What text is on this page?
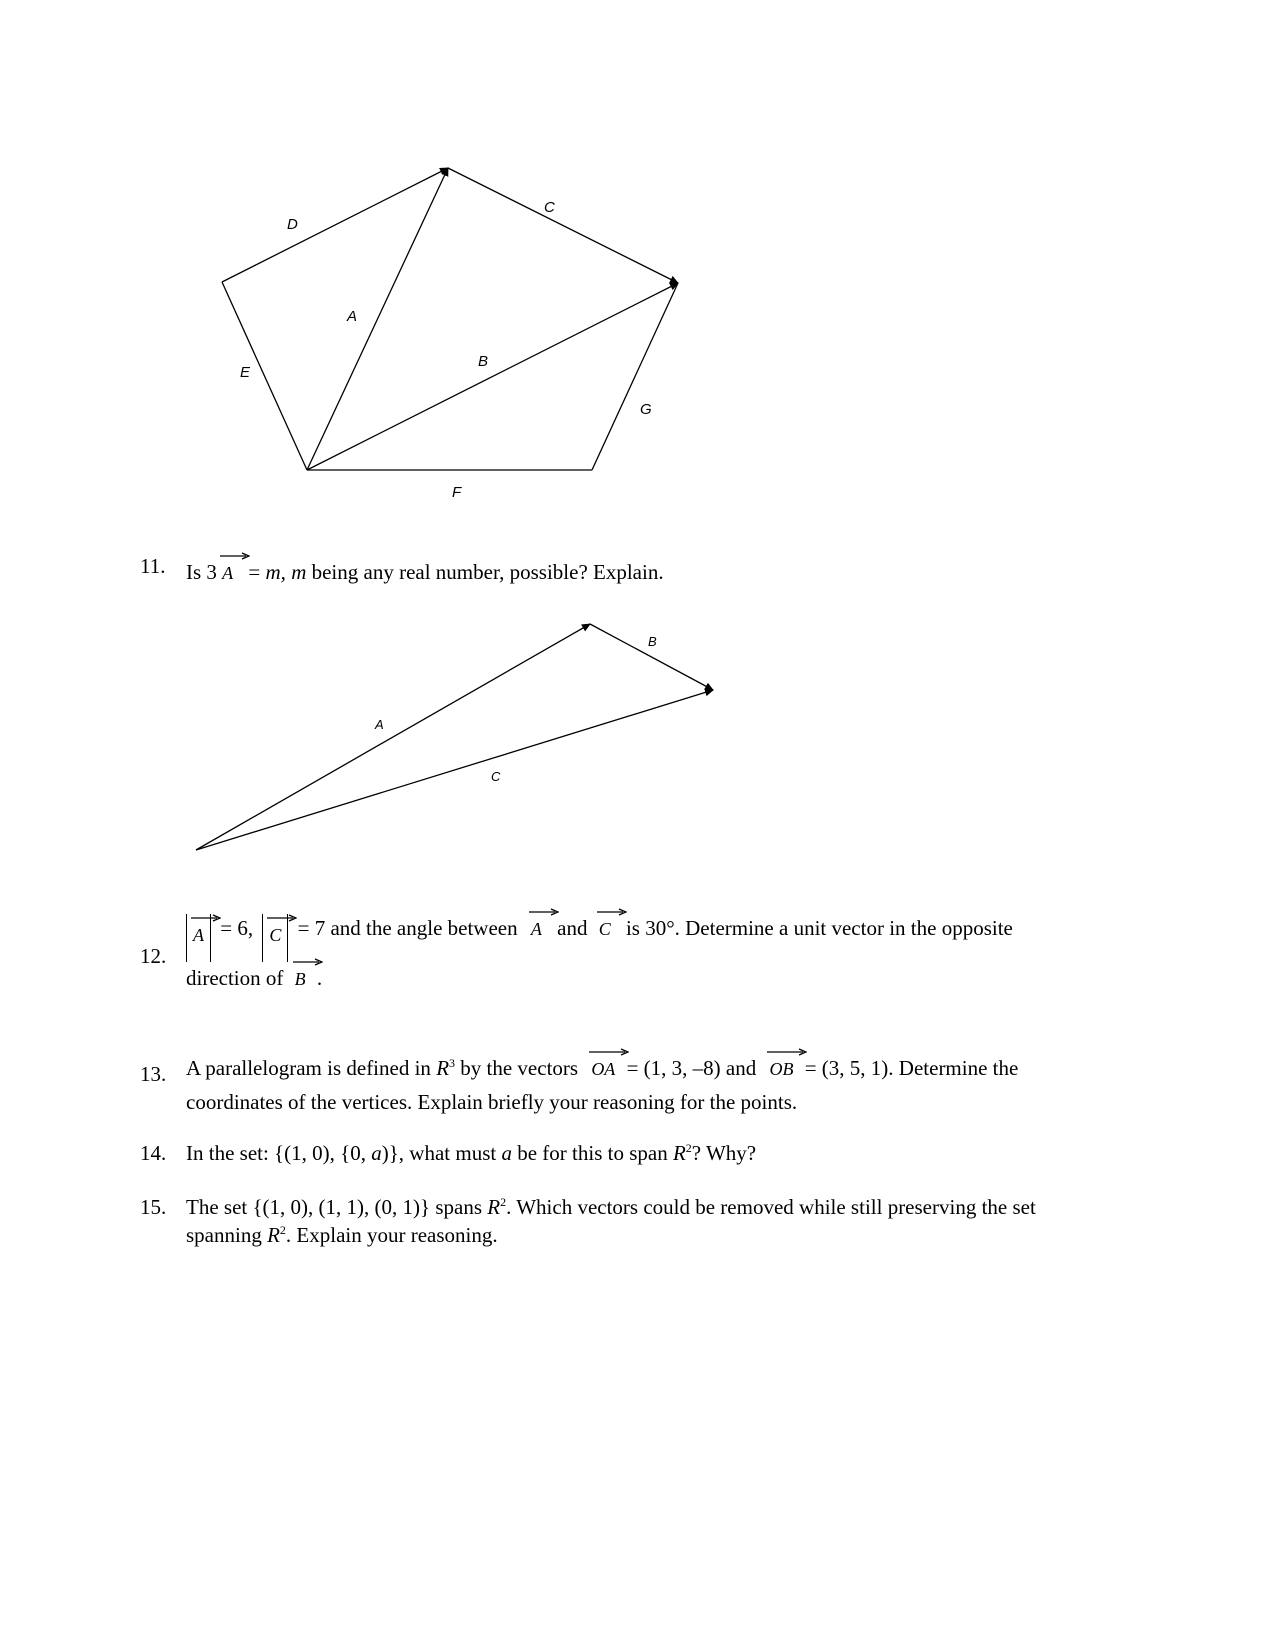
D
C
A
B
E
G
F
11. Is 3 A = m, m being any real number, possible? Explain.
A
B
C
12.
A = 6, C = 7 and the angle between A and C is 30°. Determine a unit vector in the opposite
direction of B .
13. A parallelogram is defined in $R^3$ by the vectors OA = (1, 3, –8) and OB = (3, 5, 1). Determine the
coordinates of the vertices. Explain briefly your reasoning for the points.
14. In the set: {(1, 0), {0, a)}, what must a be for this to span $R^2$? Why?
15. The set {(1, 0), (1, 1), (0, 1)} spans $R^2$. Which vectors could be removed while still preserving the set
spanning $R^2$. Explain your reasoning.
